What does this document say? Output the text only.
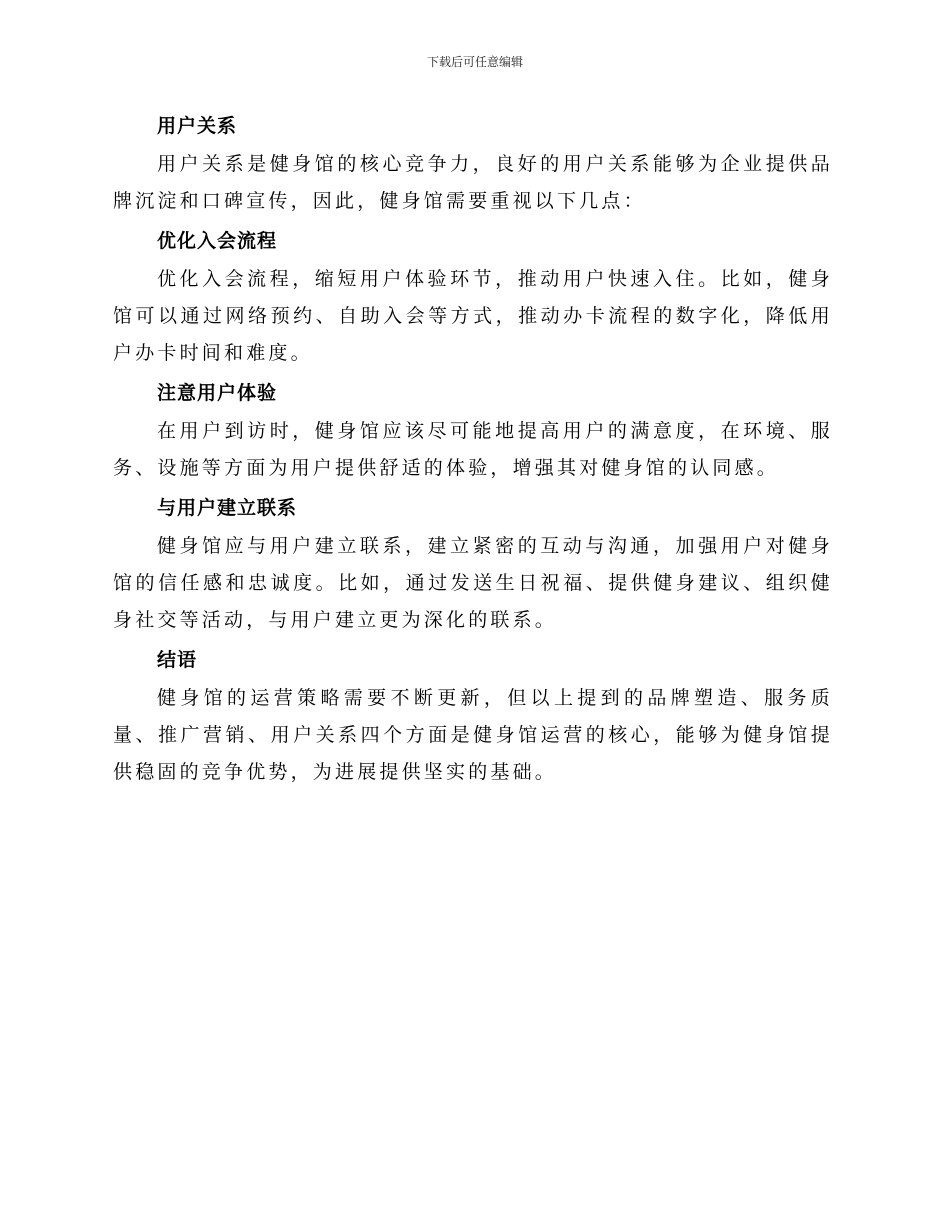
下载后可任意编辑
用户关系

用户关系是健身馆的核心竞争力，良好的用户关系能够为企业提供品牌沉淀和口碑宣传，因此，健身馆需要重视以下几点：

优化入会流程

优化入会流程，缩短用户体验环节，推动用户快速入住。比如，健身馆可以通过网络预约、自助入会等方式，推动办卡流程的数字化，降低用户办卡时间和难度。

注意用户体验

在用户到访时，健身馆应该尽可能地提高用户的满意度，在环境、服务、设施等方面为用户提供舒适的体验，增强其对健身馆的认同感。

与用户建立联系

健身馆应与用户建立联系，建立紧密的互动与沟通，加强用户对健身馆的信任感和忠诚度。比如，通过发送生日祝福、提供健身建议、组织健身社交等活动，与用户建立更为深化的联系。

结语

健身馆的运营策略需要不断更新，但以上提到的品牌塑造、服务质量、推广营销、用户关系四个方面是健身馆运营的核心，能够为健身馆提供稳固的竞争优势，为进展提供坚实的基础。
